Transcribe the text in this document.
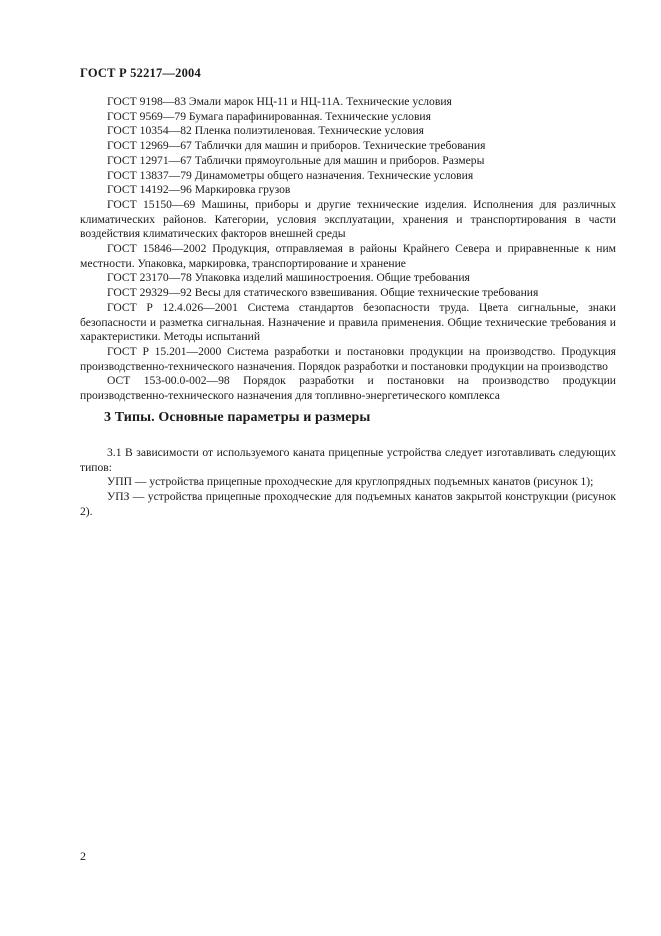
ГОСТ Р 52217—2004

ГОСТ 9198—83 Эмали марок НЦ-11 и НЦ-11А. Технические условия

ГОСТ 9569—79 Бумага парафинированная. Технические условия

ГОСТ 10354—82 Пленка полиэтиленовая. Технические условия

ГОСТ 12969—67 Таблички для машин и приборов. Технические требования

ГОСТ 12971—67 Таблички прямоугольные для машин и приборов. Размеры

ГОСТ 13837—79 Динамометры общего назначения. Технические условия

ГОСТ 14192—96 Маркировка грузов

ГОСТ 15150—69 Машины, приборы и другие технические изделия. Исполнения для различных климатических районов. Категории, условия эксплуатации, хранения и транспортирования в части воздействия климатических факторов внешней среды

ГОСТ 15846—2002 Продукция, отправляемая в районы Крайнего Севера и приравненные к ним местности. Упаковка, маркировка, транспортирование и хранение

ГОСТ 23170—78 Упаковка изделий машиностроения. Общие требования

ГОСТ 29329—92 Весы для статического взвешивания. Общие технические требования

ГОСТ Р 12.4.026—2001 Система стандартов безопасности труда. Цвета сигнальные, знаки безопасности и разметка сигнальная. Назначение и правила применения. Общие технические требования и характеристики. Методы испытаний

ГОСТ Р 15.201—2000 Система разработки и постановки продукции на производство. Продукция производственно-технического назначения. Порядок разработки и постановки продукции на производство

ОСТ 153-00.0-002—98 Порядок разработки и постановки на производство продукции производственно-технического назначения для топливно-энергетического комплекса

3 Типы. Основные параметры и размеры

3.1 В зависимости от используемого каната прицепные устройства следует изготавливать следующих типов:

УПП — устройства прицепные проходческие для круглопрядных подъемных канатов (рисунок 1);

УПЗ — устройства прицепные проходческие для подъемных канатов закрытой конструкции (рисунок 2).

2
